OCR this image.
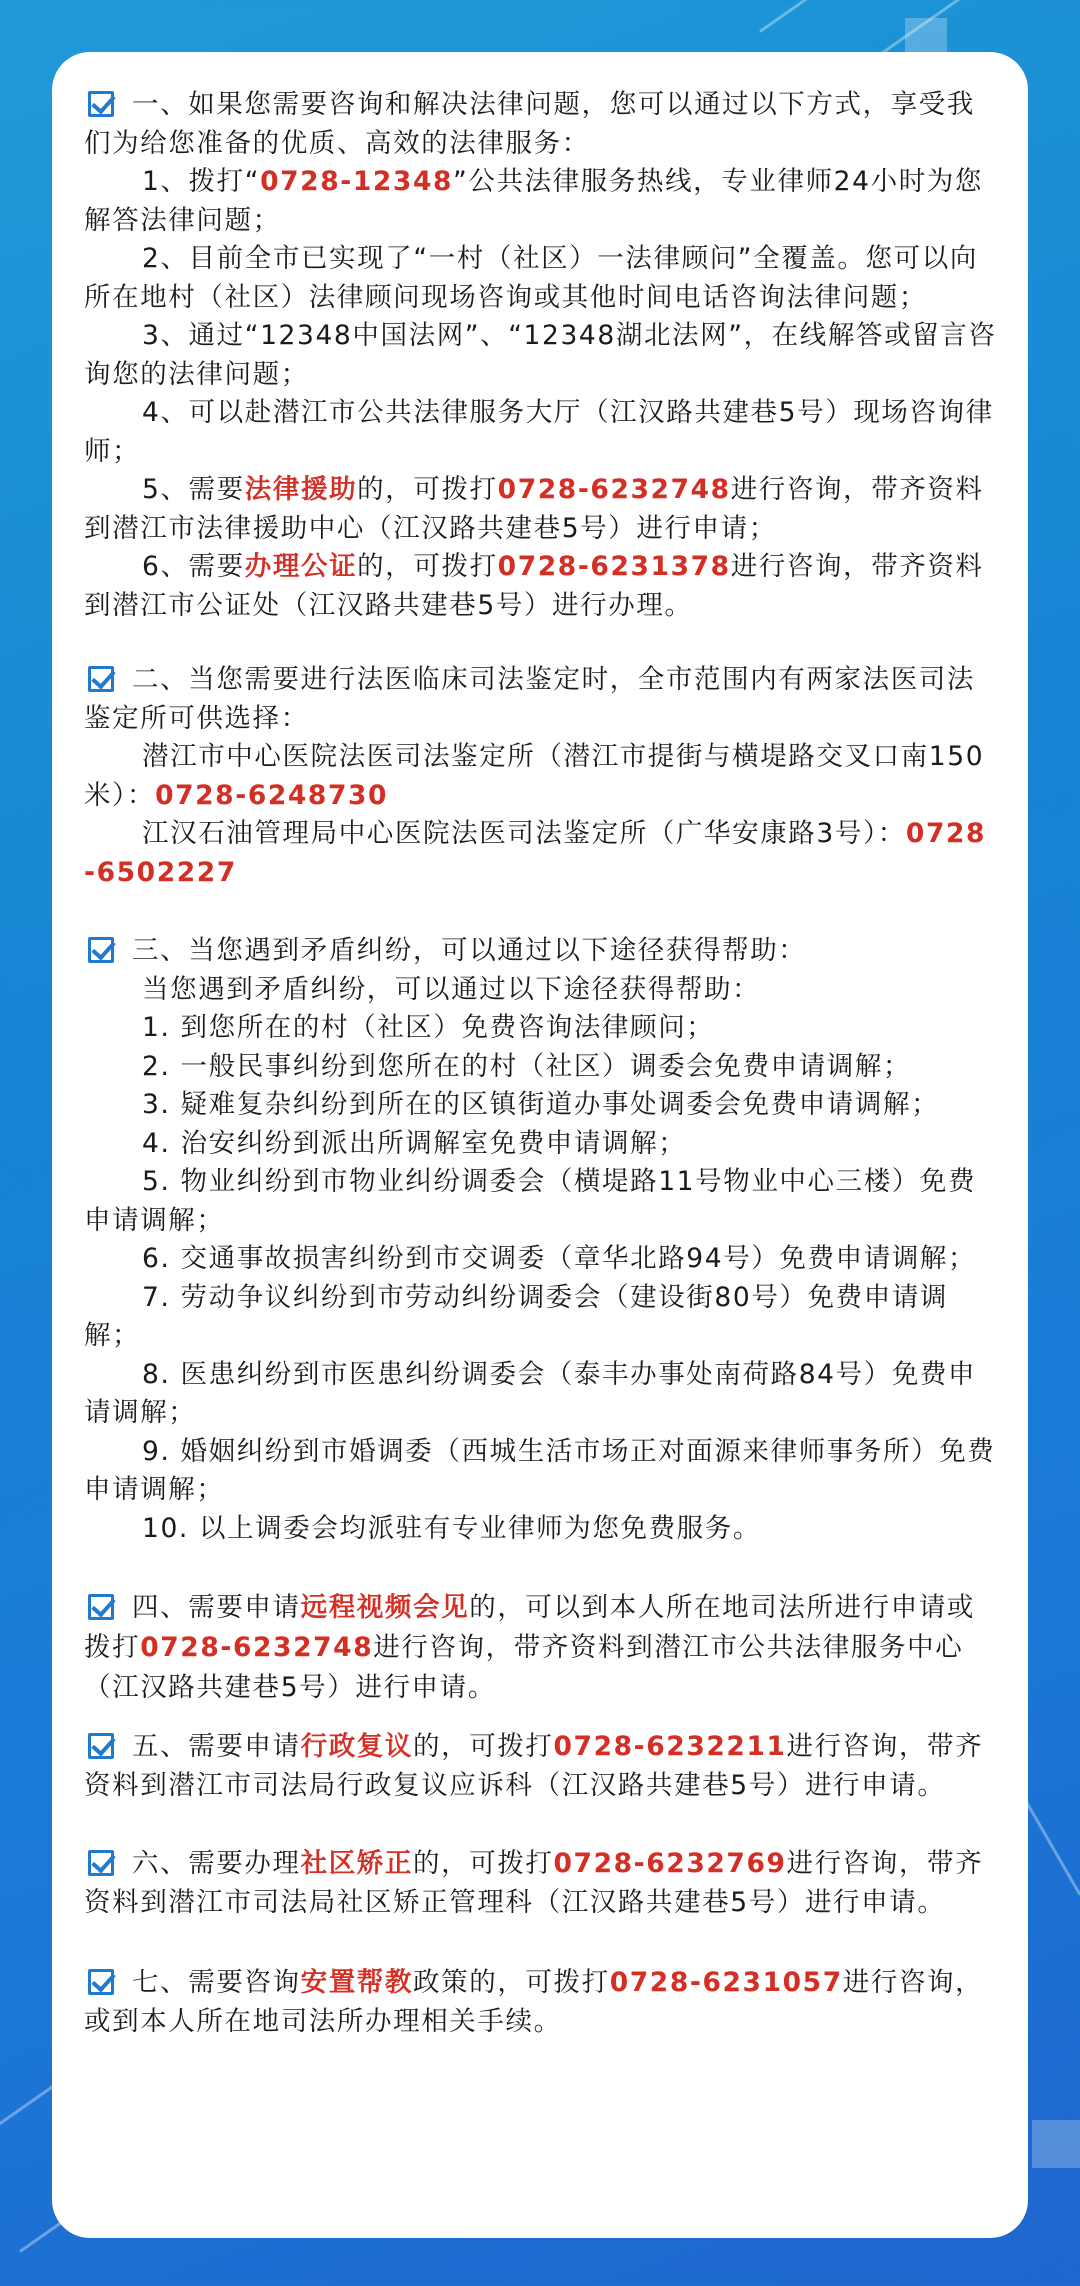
一、如果您需要咨询和解决法律问题，您可以通过以下方式，享受我们为给您准备的优质、高效的法律服务：

1、拨打“0728-12348”公共法律服务热线，专业律师24小时为您解答法律问题；

2、目前全市已实现了“一村（社区）一法律顾问”全覆盖。您可以向所在地村（社区）法律顾问现场咨询或其他时间电话咨询法律问题；

3、通过“12348中国法网”、“12348湖北法网”，在线解答或留言咨询您的法律问题；

4、可以赴潜江市公共法律服务大厅（江汉路共建巷5号）现场咨询律师；

5、需要法律援助的，可拨打0728-6232748进行咨询，带齐资料到潜江市法律援助中心（江汉路共建巷5号）进行申请；

6、需要办理公证的，可拨打0728-6231378进行咨询，带齐资料到潜江市公证处（江汉路共建巷5号）进行办理。

二、当您需要进行法医临床司法鉴定时，全市范围内有两家法医司法鉴定所可供选择：

潜江市中心医院法医司法鉴定所（潜江市提街与横堤路交叉口南150米）：0728-6248730

江汉石油管理局中心医院法医司法鉴定所（广华安康路3号）：0728-6502227

三、当您遇到矛盾纠纷，可以通过以下途径获得帮助：

当您遇到矛盾纠纷，可以通过以下途径获得帮助：

1. 到您所在的村（社区）免费咨询法律顾问；

2. 一般民事纠纷到您所在的村（社区）调委会免费申请调解；

3. 疑难复杂纠纷到所在的区镇街道办事处调委会免费申请调解；

4. 治安纠纷到派出所调解室免费申请调解；

5. 物业纠纷到市物业纠纷调委会（横堤路11号物业中心三楼）免费申请调解；

6. 交通事故损害纠纷到市交调委（章华北路94号）免费申请调解；

7. 劳动争议纠纷到市劳动纠纷调委会（建设街80号）免费申请调解；

8. 医患纠纷到市医患纠纷调委会（泰丰办事处南荷路84号）免费申请调解；

9. 婚姻纠纷到市婚调委（西城生活市场正对面源来律师事务所）免费申请调解；

10. 以上调委会均派驻有专业律师为您免费服务。

四、需要申请远程视频会见的，可以到本人所在地司法所进行申请或拨打0728-6232748进行咨询，带齐资料到潜江市公共法律服务中心（江汉路共建巷5号）进行申请。

五、需要申请行政复议的，可拨打0728-6232211进行咨询，带齐资料到潜江市司法局行政复议应诉科（江汉路共建巷5号）进行申请。

六、需要办理社区矫正的，可拨打0728-6232769进行咨询，带齐资料到潜江市司法局社区矫正管理科（江汉路共建巷5号）进行申请。

七、需要咨询安置帮教政策的，可拨打0728-6231057进行咨询，或到本人所在地司法所办理相关手续。
